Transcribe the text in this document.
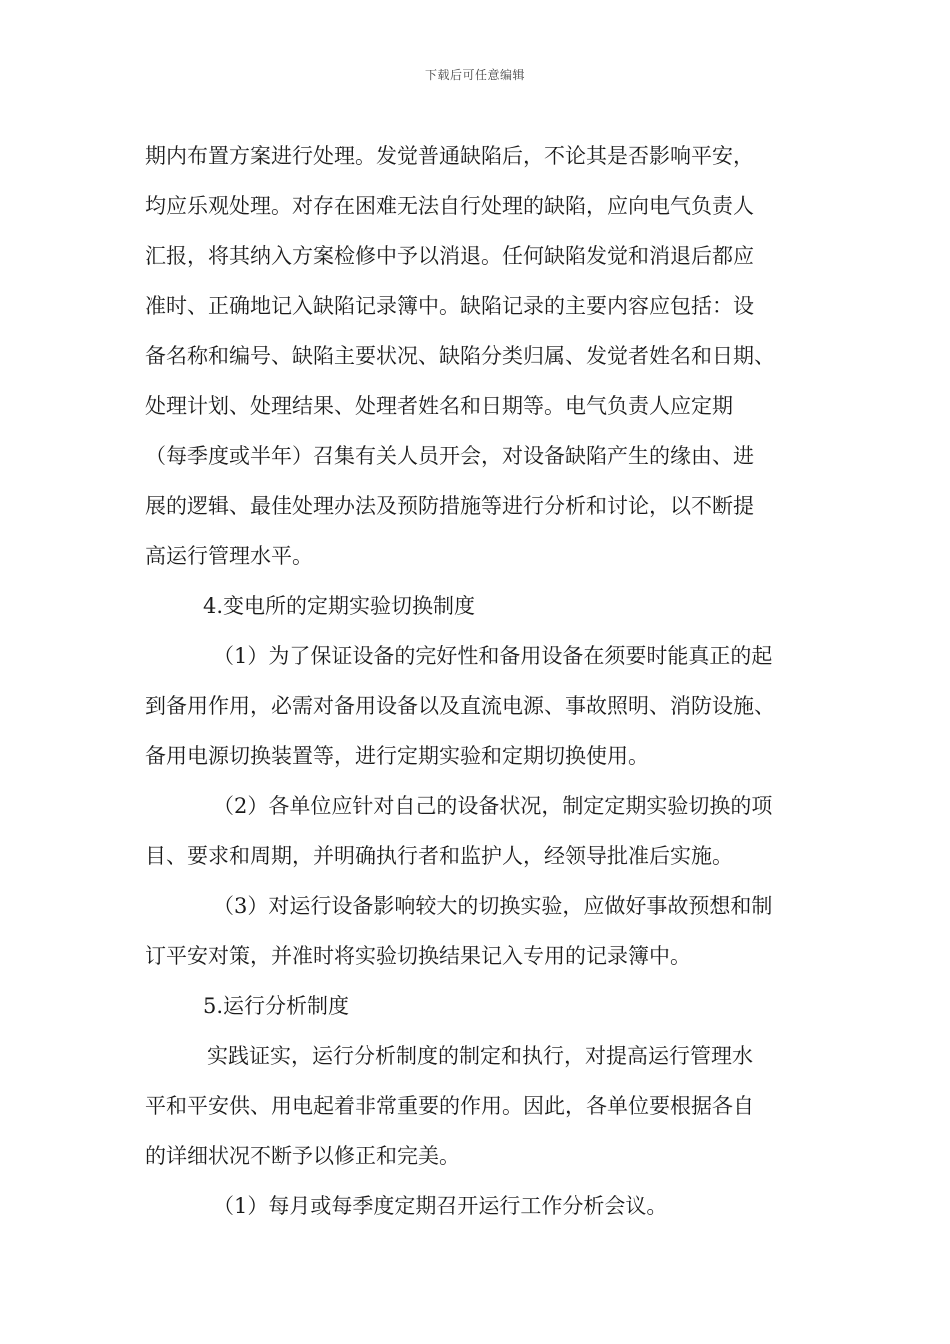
下载后可任意编辑
期内布置方案进行处理。发觉普通缺陷后，不论其是否影响平安，
均应乐观处理。对存在困难无法自行处理的缺陷，应向电气负责人
汇报，将其纳入方案检修中予以消退。任何缺陷发觉和消退后都应
准时、正确地记入缺陷记录簿中。缺陷记录的主要内容应包括：设
备名称和编号、缺陷主要状况、缺陷分类归属、发觉者姓名和日期、
处理计划、处理结果、处理者姓名和日期等。电气负责人应定期
（每季度或半年）召集有关人员开会，对设备缺陷产生的缘由、进
展的逻辑、最佳处理办法及预防措施等进行分析和讨论，以不断提
高运行管理水平。
4.变电所的定期实验切换制度
（1）为了保证设备的完好性和备用设备在须要时能真正的起
到备用作用，必需对备用设备以及直流电源、事故照明、消防设施、
备用电源切换装置等，进行定期实验和定期切换使用。
（2）各单位应针对自己的设备状况，制定定期实验切换的项
目、要求和周期，并明确执行者和监护人，经领导批准后实施。
（3）对运行设备影响较大的切换实验，应做好事故预想和制
订平安对策，并准时将实验切换结果记入专用的记录簿中。
5.运行分析制度
实践证实，运行分析制度的制定和执行，对提高运行管理水
平和平安供、用电起着非常重要的作用。因此，各单位要根据各自
的详细状况不断予以修正和完美。
（1）每月或每季度定期召开运行工作分析会议。
